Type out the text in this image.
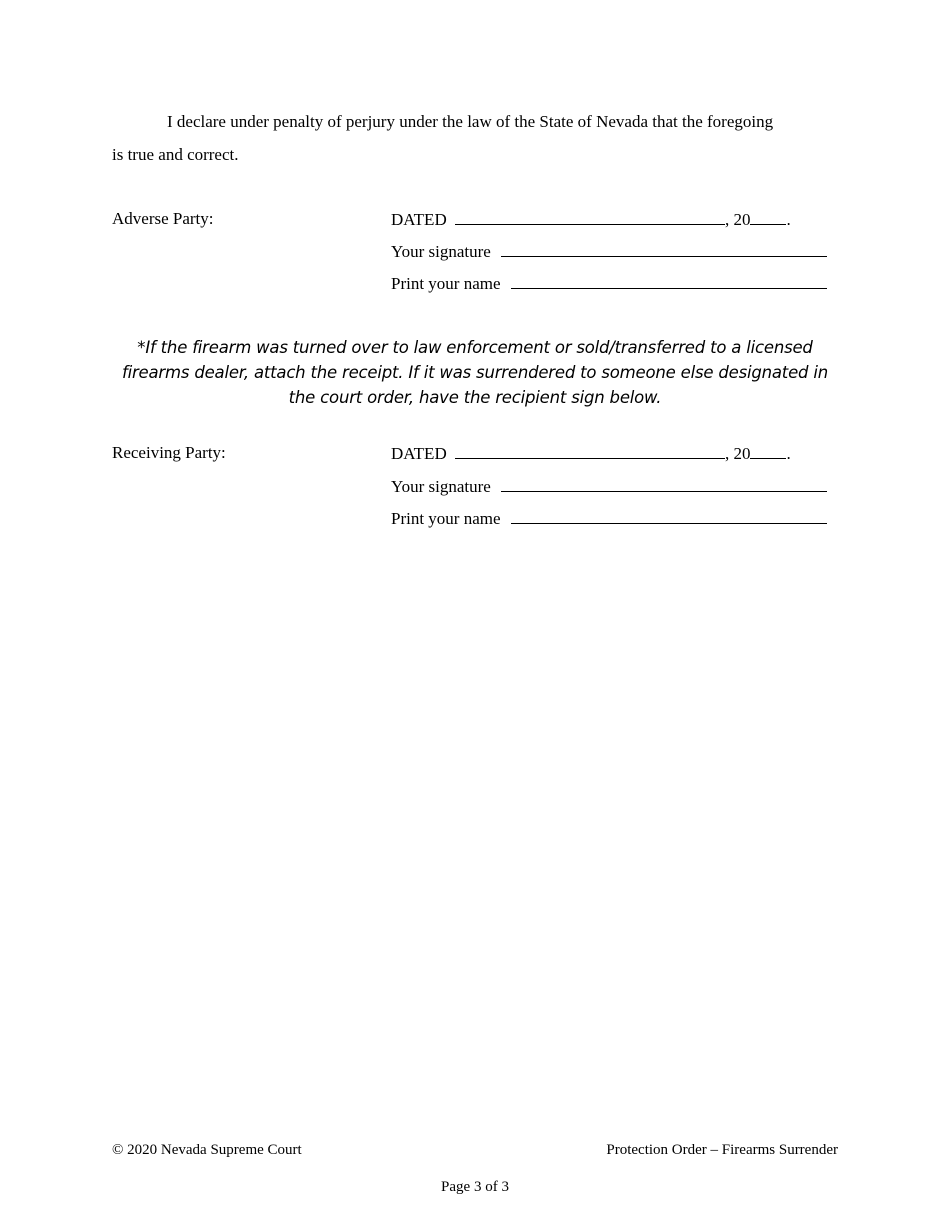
I declare under penalty of perjury under the law of the State of Nevada that the foregoing
is true and correct.
Adverse Party:	DATED	, 20 .
Your signature
Print your name
*If the firearm was turned over to law enforcement or sold/transferred to a licensed firearms dealer, attach the receipt. If it was surrendered to someone else designated in the court order, have the recipient sign below.
Receiving Party:	DATED	, 20 .
Your signature
Print your name
© 2020 Nevada Supreme Court	Protection Order – Firearms Surrender
Page 3 of 3
